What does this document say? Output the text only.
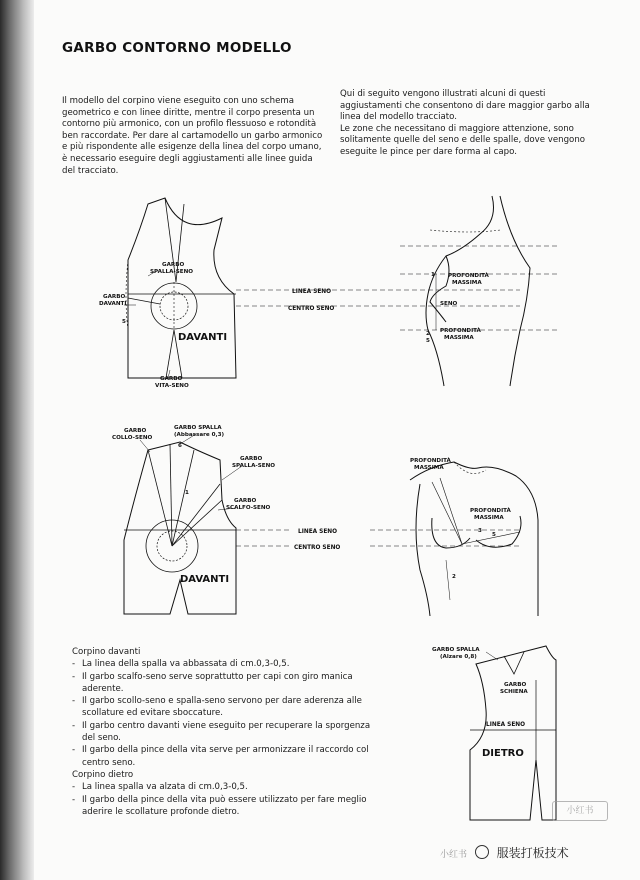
GARBO CONTORNO MODELLO

Il modello del corpino viene eseguito con uno schema geometrico e con linee diritte, mentre il corpo presenta un contorno più armonico, con un profilo flessuoso e rotondità ben raccordate. Per dare al cartamodello un garbo armonico e più rispondente alle esigenze della linea del corpo umano, è necessario eseguire degli aggiustamenti alle linee guida del tracciato.

Qui di seguito vengono illustrati alcuni di questi aggiustamenti che consentono di dare maggior garbo alla linea del modello tracciato.

Le zone che necessitano di maggiore attenzione, sono solitamente quelle del seno e delle spalle, dove vengono eseguite le pince per dare forma al capo.

GARBO
SPALLA-SENO
GARBO
DAVANTI
5
DAVANTI
GARBO
VITA-SENO
LINEA SENO
CENTRO SENO
PROFONDITÀ
MASSIMA
SENO
PROFONDITÀ
MASSIMA
1
2
5
GARBO
COLLO-SENO
GARBO SPALLA
(Abbassare 0,3)
GARBO
SPALLA-SENO
GARBO
SCALFO-SENO
1
6
DAVANTI
LINEA SENO
CENTRO SENO
PROFONDITÀ
MASSIMA
PROFONDITÀ
MASSIMA
3
5
2
GARBO SPALLA
(Alzare 0,8)
GARBO
SCHIENA
LINEA SENO
DIETRO

Corpino davanti

- La linea della spalla va abbassata di cm.0,3-0,5.
- Il garbo scalfo-seno serve soprattutto per capi con giro manica aderente.
- Il garbo scollo-seno e spalla-seno servono per dare aderenza alle scollature ed evitare sboccature.
- Il garbo centro davanti viene eseguito per recuperare la sporgenza del seno.
- Il garbo della pince della vita serve per armonizzare il raccordo col centro seno.

Corpino dietro

- La linea spalla va alzata di cm.0,3-0,5.
- Il garbo della pince della vita può essere utilizzato per fare meglio aderire le scollature profonde dietro.	小红书
小红书 服装打板技术
